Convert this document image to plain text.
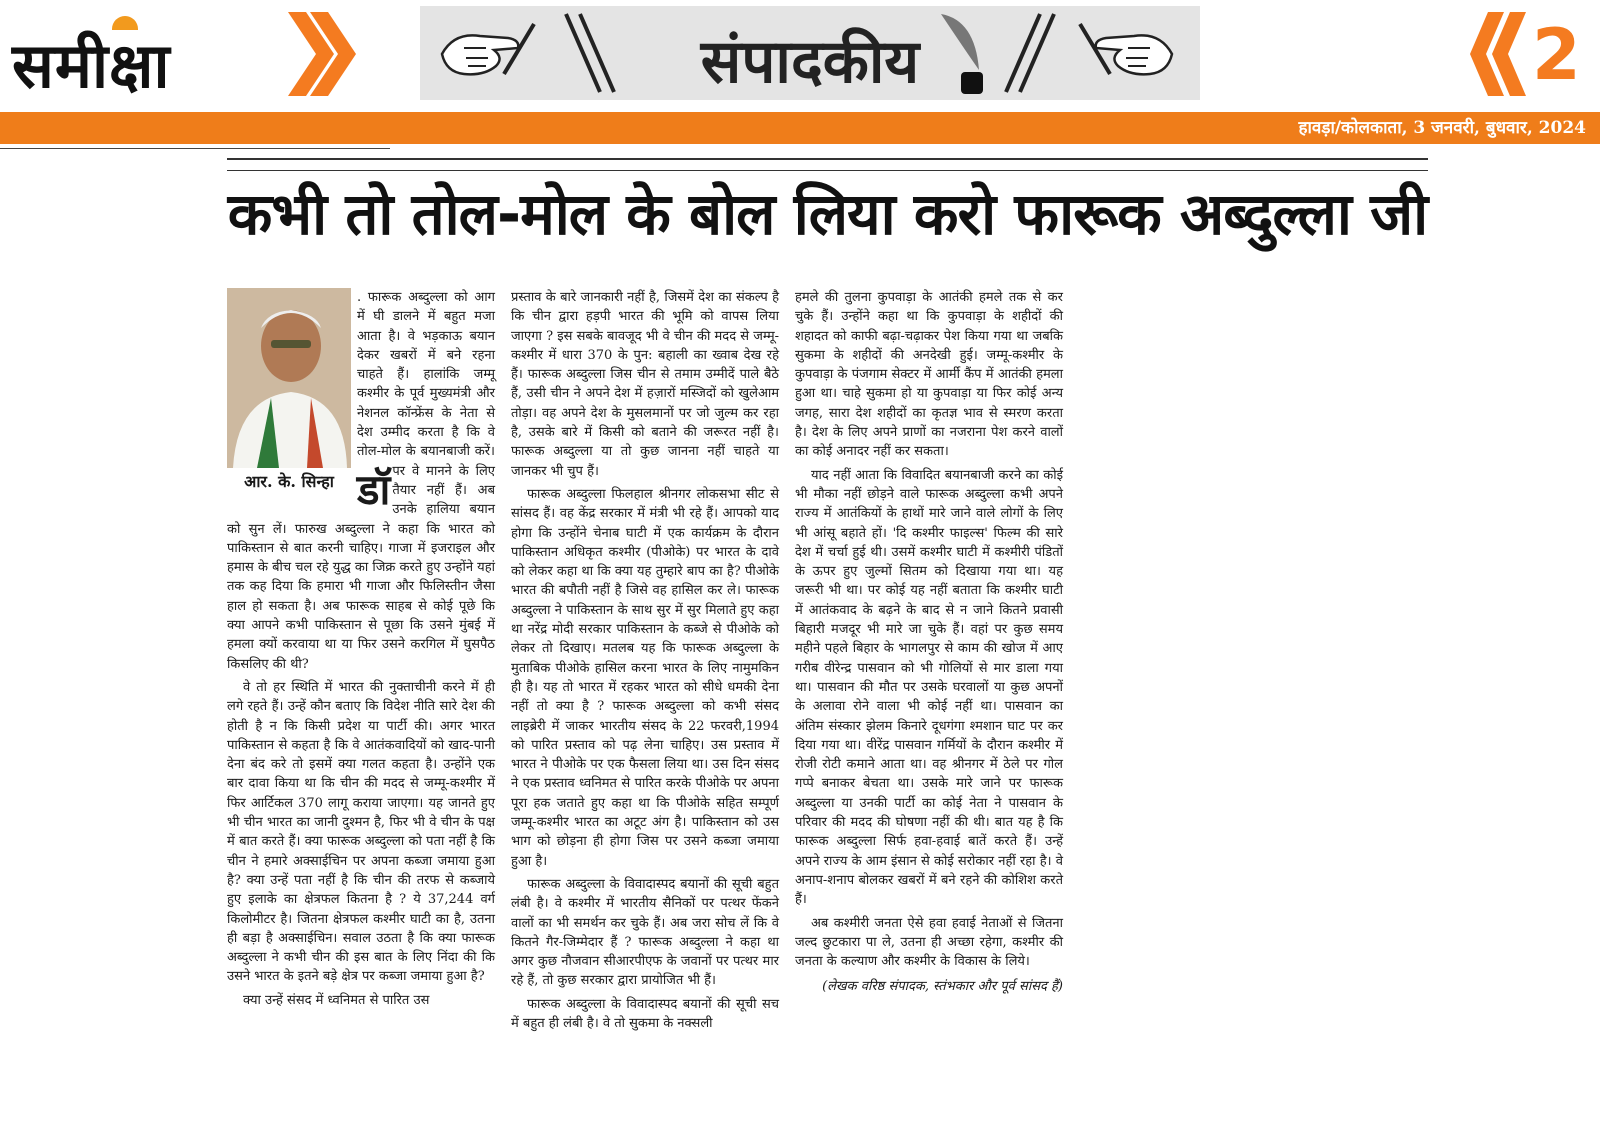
समीक्षा	संपादकीय	2
हावड़ा/कोलकाता, 3 जनवरी, बुधवार, 2024
कभी तो तोल-मोल के बोल लिया करो फारूक अब्दुल्ला जी
आर. के. सिन्हा डॉ
. फारूक अब्दुल्ला को आग में घी डालने में बहुत मजा आता है। वे भड़काऊ बयान देकर खबरों में बने रहना चाहते हैं। हालांकि जम्मू कश्मीर के पूर्व मुख्यमंत्री और नेशनल कॉन्फ्रेंस के नेता से देश उम्मीद करता है कि वे तोल-मोल के बयानबाजी करें। पर वे मानने के लिए तैयार नहीं हैं। अब उनके हालिया बयान को सुन लें। फारुख अब्दुल्ला ने कहा कि भारत को पाकिस्तान से बात करनी चाहिए। गाजा में इजराइल और हमास के बीच चल रहे युद्ध का जिक्र करते हुए उन्होंने यहां तक कह दिया कि हमारा भी गाजा और फिलिस्तीन जैसा हाल हो सकता है। अब फारूक साहब से कोई पूछे कि क्या आपने कभी पाकिस्तान से पूछा कि उसने मुंबई में हमला क्यों करवाया था या फिर उसने करगिल में घुसपैठ किसलिए की थी?

वे तो हर स्थिति में भारत की नुक्ताचीनी करने में ही लगे रहते हैं। उन्हें कौन बताए कि विदेश नीति सारे देश की होती है न कि किसी प्रदेश या पार्टी की। अगर भारत पाकिस्तान से कहता है कि वे आतंकवादियों को खाद-पानी देना बंद करे तो इसमें क्या गलत कहता है। उन्होंने एक बार दावा किया था कि चीन की मदद से जम्मू-कश्मीर में फिर आर्टिकल 370 लागू कराया जाएगा। यह जानते हुए भी चीन भारत का जानी दुश्मन है, फिर भी वे चीन के पक्ष में बात करते हैं। क्या फारूक अब्दुल्ला को पता नहीं है कि चीन ने हमारे अक्साईचिन पर अपना कब्जा जमाया हुआ है? क्या उन्हें पता नहीं है कि चीन की तरफ से कब्जाये हुए इलाके का क्षेत्रफल कितना है ? ये 37,244 वर्ग किलोमीटर है। जितना क्षेत्रफल कश्मीर घाटी का है, उतना ही बड़ा है अक्साईचिन। सवाल उठता है कि क्या फारूक अब्दुल्ला ने कभी चीन की इस बात के लिए निंदा की कि उसने भारत के इतने बड़े क्षेत्र पर कब्जा जमाया हुआ है?

क्या उन्हें संसद में ध्वनिमत से पारित उस

प्रस्ताव के बारे जानकारी नहीं है, जिसमें देश का संकल्प है कि चीन द्वारा हड़पी भारत की भूमि को वापस लिया जाएगा ? इस सबके बावजूद भी वे चीन की मदद से जम्मू-कश्मीर में धारा 370 के पुन: बहाली का ख्वाब देख रहे हैं। फारूक अब्दुल्ला जिस चीन से तमाम उम्मीदें पाले बैठे हैं, उसी चीन ने अपने देश में हज़ारों मस्जिदों को खुलेआम तोड़ा। वह अपने देश के मुसलमानों पर जो जुल्म कर रहा है, उसके बारे में किसी को बताने की जरूरत नहीं है। फारूक अब्दुल्ला या तो कुछ जानना नहीं चाहते या जानकर भी चुप हैं।

फारूक अब्दुल्ला फिलहाल श्रीनगर लोकसभा सीट से सांसद हैं। वह केंद्र सरकार में मंत्री भी रहे हैं। आपको याद होगा कि उन्होंने चेनाब घाटी में एक कार्यक्रम के दौरान पाकिस्तान अधिकृत कश्मीर (पीओके) पर भारत के दावे को लेकर कहा था कि क्या यह तुम्हारे बाप का है? पीओके भारत की बपौती नहीं है जिसे वह हासिल कर ले। फारूक अब्दुल्ला ने पाकिस्तान के साथ सुर में सुर मिलाते हुए कहा था नरेंद्र मोदी सरकार पाकिस्तान के कब्जे से पीओके को लेकर तो दिखाए। मतलब यह कि फारूक अब्दुल्ला के मुताबिक पीओके हासिल करना भारत के लिए नामुमकिन ही है। यह तो भारत में रहकर भारत को सीधे धमकी देना नहीं तो क्या है ? फारूक अब्दुल्ला को कभी संसद लाइब्रेरी में जाकर भारतीय संसद के 22 फरवरी,1994 को पारित प्रस्ताव को पढ़ लेना चाहिए। उस प्रस्ताव में भारत ने पीओके पर एक फैसला लिया था। उस दिन संसद ने एक प्रस्ताव ध्वनिमत से पारित करके पीओके पर अपना पूरा हक जताते हुए कहा था कि पीओके सहित सम्पूर्ण जम्मू-कश्मीर भारत का अटूट अंग है। पाकिस्तान को उस भाग को छोड़ना ही होगा जिस पर उसने कब्जा जमाया हुआ है।

फारूक अब्दुल्ला के विवादास्पद बयानों की सूची बहुत लंबी है। वे कश्मीर में भारतीय सैनिकों पर पत्थर फेंकने वालों का भी समर्थन कर चुके हैं। अब जरा सोच लें कि वे कितने गैर-जिम्मेदार हैं ? फारूक अब्दुल्ला ने कहा था अगर कुछ नौजवान सीआरपीएफ के जवानों पर पत्थर मार रहे हैं, तो कुछ सरकार द्वारा प्रायोजित भी हैं।

फारूक अब्दुल्ला के विवादास्पद बयानों की सूची सच में बहुत ही लंबी है। वे तो सुकमा के नक्सली

हमले की तुलना कुपवाड़ा के आतंकी हमले तक से कर चुके हैं। उन्होंने कहा था कि कुपवाड़ा के शहीदों की शहादत को काफी बढ़ा-चढ़ाकर पेश किया गया था जबकि सुकमा के शहीदों की अनदेखी हुई। जम्मू-कश्मीर के कुपवाड़ा के पंजगाम सेक्टर में आर्मी कैंप में आतंकी हमला हुआ था। चाहे सुकमा हो या कुपवाड़ा या फिर कोई अन्य जगह, सारा देश शहीदों का कृतज्ञ भाव से स्मरण करता है। देश के लिए अपने प्राणों का नजराना पेश करने वालों का कोई अनादर नहीं कर सकता।

याद नहीं आता कि विवादित बयानबाजी करने का कोई भी मौका नहीं छोड़ने वाले फारूक अब्दुल्ला कभी अपने राज्य में आतंकियों के हाथों मारे जाने वाले लोगों के लिए भी आंसू बहाते हों। 'दि कश्मीर फाइल्स' फिल्म की सारे देश में चर्चा हुई थी। उसमें कश्मीर घाटी में कश्मीरी पंडितों के ऊपर हुए जुल्मों सितम को दिखाया गया था। यह जरूरी भी था। पर कोई यह नहीं बताता कि कश्मीर घाटी में आतंकवाद के बढ़ने के बाद से न जाने कितने प्रवासी बिहारी मजदूर भी मारे जा चुके हैं। वहां पर कुछ समय महीने पहले बिहार के भागलपुर से काम की खोज में आए गरीब वीरेन्द्र पासवान को भी गोलियों से मार डाला गया था। पासवान की मौत पर उसके घरवालों या कुछ अपनों के अलावा रोने वाला भी कोई नहीं था। पासवान का अंतिम संस्कार झेलम किनारे दूधगंगा श्मशान घाट पर कर दिया गया था। वीरेंद्र पासवान गर्मियों के दौरान कश्मीर में रोजी रोटी कमाने आता था। वह श्रीनगर में ठेले पर गोल गप्पे बनाकर बेचता था। उसके मारे जाने पर फारूक अब्दुल्ला या उनकी पार्टी का कोई नेता ने पासवान के परिवार की मदद की घोषणा नहीं की थी। बात यह है कि फारूक अब्दुल्ला सिर्फ हवा-हवाई बातें करते हैं। उन्हें अपने राज्य के आम इंसान से कोई सरोकार नहीं रहा है। वे अनाप-शनाप बोलकर खबरों में बने रहने की कोशिश करते हैं।

अब कश्मीरी जनता ऐसे हवा हवाई नेताओं से जितना जल्द छुटकारा पा ले, उतना ही अच्छा रहेगा, कश्मीर की जनता के कल्याण और कश्मीर के विकास के लिये।

(लेखक वरिष्ठ संपादक, स्तंभकार और पूर्व सांसद हैं)
